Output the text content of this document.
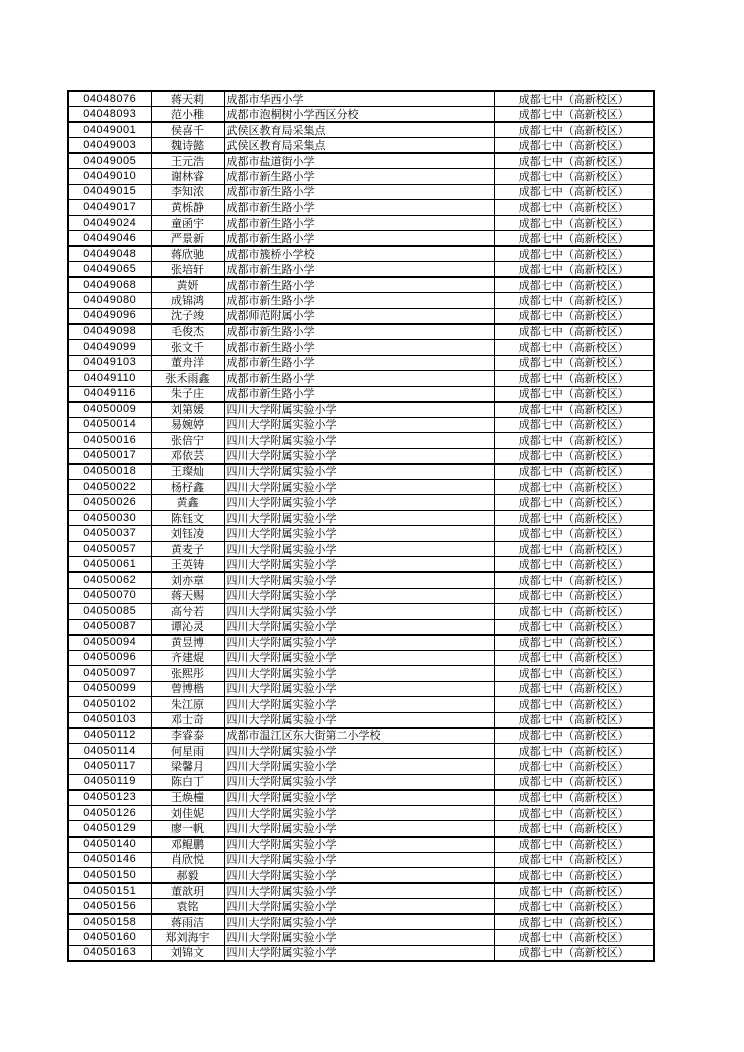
04048076	蒋天莉	成都市华西小学	成都七中（高新校区）
04048093	范小稚	成都市泡桐树小学西区分校	成都七中（高新校区）
04049001	侯喜千	武侯区教育局采集点	成都七中（高新校区）
04049003	魏诗懿	武侯区教育局采集点	成都七中（高新校区）
04049005	王元浩	成都市盐道街小学	成都七中（高新校区）
04049010	谢林睿	成都市新生路小学	成都七中（高新校区）
04049015	李知浓	成都市新生路小学	成都七中（高新校区）
04049017	黄栎静	成都市新生路小学	成都七中（高新校区）
04049024	童函宇	成都市新生路小学	成都七中（高新校区）
04049046	严景新	成都市新生路小学	成都七中（高新校区）
04049048	蒋欣驰	成都市簇桥小学校	成都七中（高新校区）
04049065	张培轩	成都市新生路小学	成都七中（高新校区）
04049068	黄妍	成都市新生路小学	成都七中（高新校区）
04049080	成锦鸿	成都市新生路小学	成都七中（高新校区）
04049096	沈子竣	成都师范附属小学	成都七中（高新校区）
04049098	毛俊杰	成都市新生路小学	成都七中（高新校区）
04049099	张文千	成都市新生路小学	成都七中（高新校区）
04049103	董舟洋	成都市新生路小学	成都七中（高新校区）
04049110	张禾雨鑫	成都市新生路小学	成都七中（高新校区）
04049116	朱子庄	成都市新生路小学	成都七中（高新校区）
04050009	刘第媛	四川大学附属实验小学	成都七中（高新校区）
04050014	易婉婷	四川大学附属实验小学	成都七中（高新校区）
04050016	张倍宁	四川大学附属实验小学	成都七中（高新校区）
04050017	邓依芸	四川大学附属实验小学	成都七中（高新校区）
04050018	王璨灿	四川大学附属实验小学	成都七中（高新校区）
04050022	杨杍鑫	四川大学附属实验小学	成都七中（高新校区）
04050026	黄鑫	四川大学附属实验小学	成都七中（高新校区）
04050030	陈钰文	四川大学附属实验小学	成都七中（高新校区）
04050037	刘钰凌	四川大学附属实验小学	成都七中（高新校区）
04050057	黄麦子	四川大学附属实验小学	成都七中（高新校区）
04050061	王英铸	四川大学附属实验小学	成都七中（高新校区）
04050062	刘亦章	四川大学附属实验小学	成都七中（高新校区）
04050070	蒋天赐	四川大学附属实验小学	成都七中（高新校区）
04050085	高兮若	四川大学附属实验小学	成都七中（高新校区）
04050087	谭沁灵	四川大学附属实验小学	成都七中（高新校区）
04050094	黄昱博	四川大学附属实验小学	成都七中（高新校区）
04050096	齐建焜	四川大学附属实验小学	成都七中（高新校区）
04050097	张熙彤	四川大学附属实验小学	成都七中（高新校区）
04050099	曾博楷	四川大学附属实验小学	成都七中（高新校区）
04050102	朱江原	四川大学附属实验小学	成都七中（高新校区）
04050103	邓士奇	四川大学附属实验小学	成都七中（高新校区）
04050112	李睿泰	成都市温江区东大街第二小学校	成都七中（高新校区）
04050114	何星雨	四川大学附属实验小学	成都七中（高新校区）
04050117	梁馨月	四川大学附属实验小学	成都七中（高新校区）
04050119	陈白丁	四川大学附属实验小学	成都七中（高新校区）
04050123	王焕橦	四川大学附属实验小学	成都七中（高新校区）
04050126	刘佳妮	四川大学附属实验小学	成都七中（高新校区）
04050129	廖一帆	四川大学附属实验小学	成都七中（高新校区）
04050140	邓鲲鹏	四川大学附属实验小学	成都七中（高新校区）
04050146	肖欣悦	四川大学附属实验小学	成都七中（高新校区）
04050150	郝毅	四川大学附属实验小学	成都七中（高新校区）
04050151	董歆玥	四川大学附属实验小学	成都七中（高新校区）
04050156	袁铭	四川大学附属实验小学	成都七中（高新校区）
04050158	蒋雨洁	四川大学附属实验小学	成都七中（高新校区）
04050160	郑刘海宇	四川大学附属实验小学	成都七中（高新校区）
04050163	刘锦文	四川大学附属实验小学	成都七中（高新校区）
